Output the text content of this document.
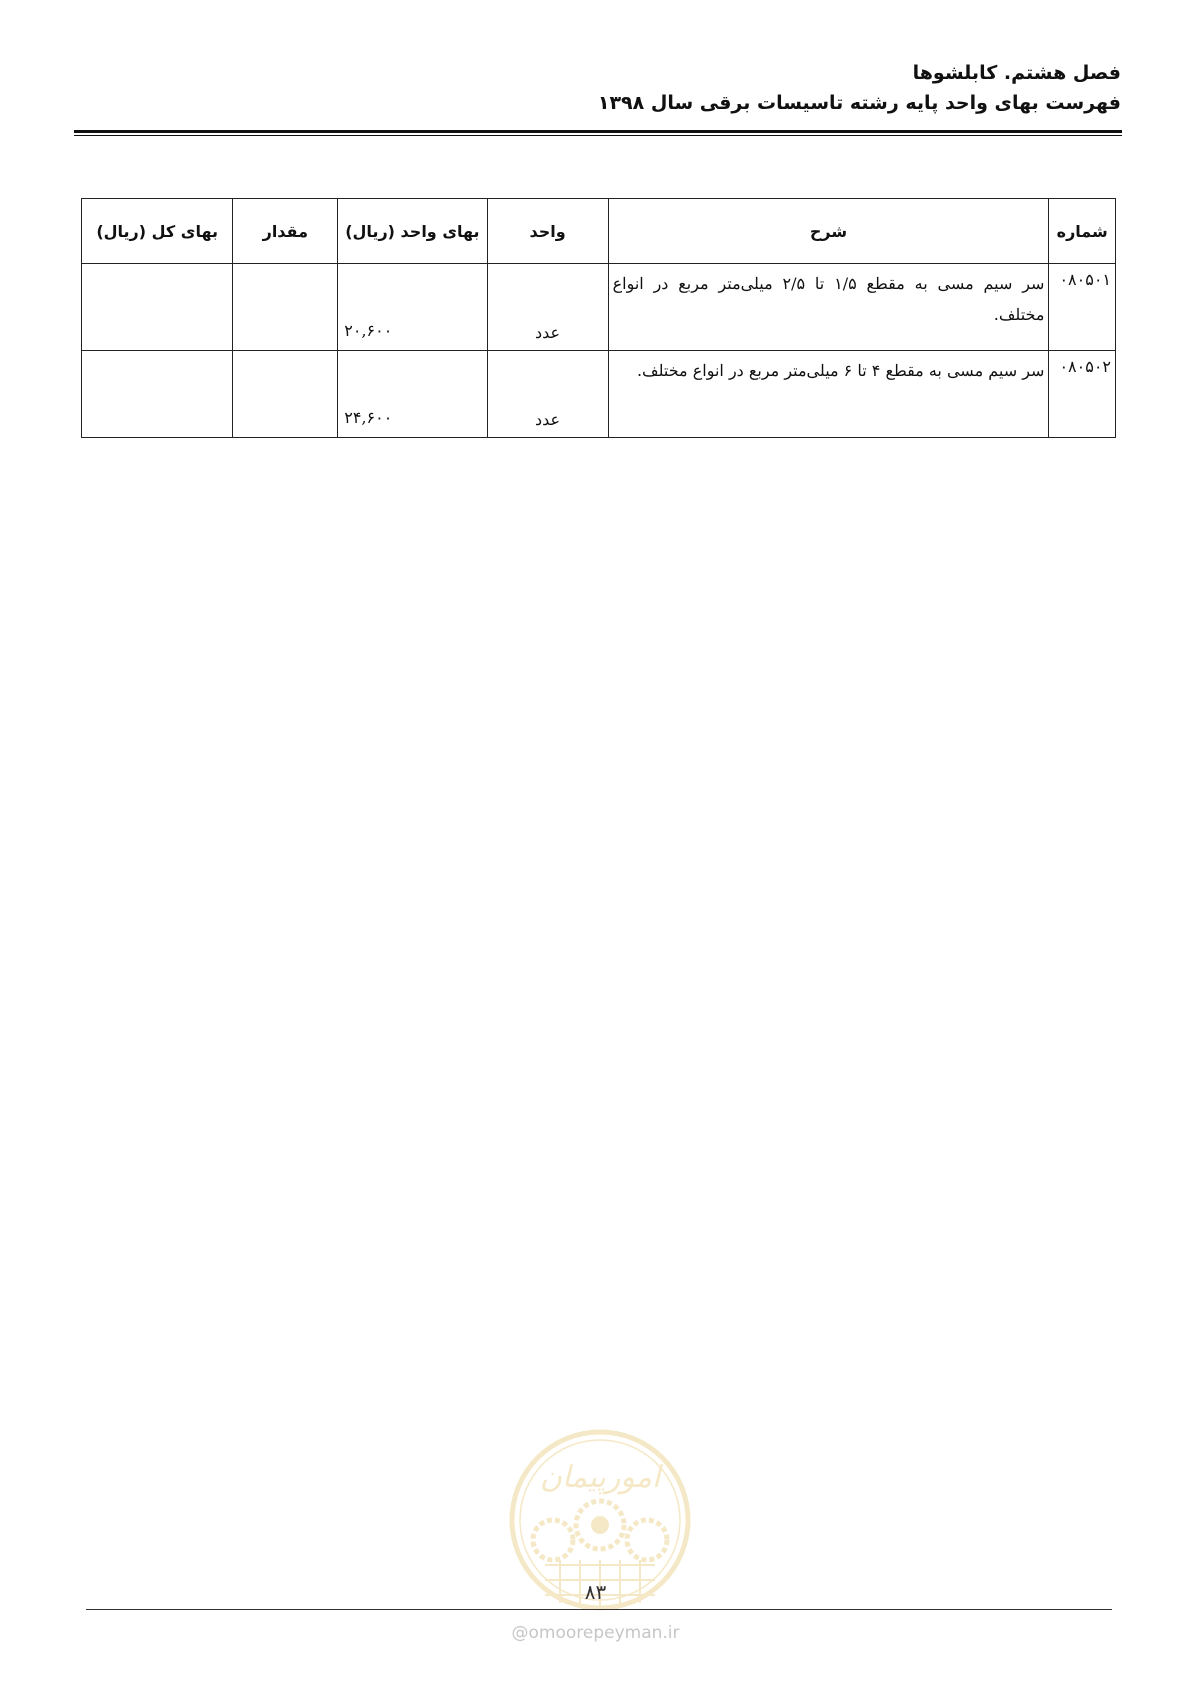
فصل هشتم. کابلشوها
فهرست بهای واحد پایه رشته تاسیسات برقی سال ۱۳۹۸
شماره	شرح	واحد	بهای واحد (ریال)	مقدار	بهای کل (ریال)
۰۸۰۵۰۱	سر سیم مسی به مقطع ۱/۵ تا ۲/۵ میلی‌متر مربع در انواع مختلف.	عدد	۲۰,۶۰۰		
۰۸۰۵۰۲	سر سیم مسی به مقطع ۴ تا ۶ میلی‌متر مربع در انواع مختلف.	عدد	۲۴,۶۰۰		
امورپیمان
۸۳
@omoorepeyman.ir
